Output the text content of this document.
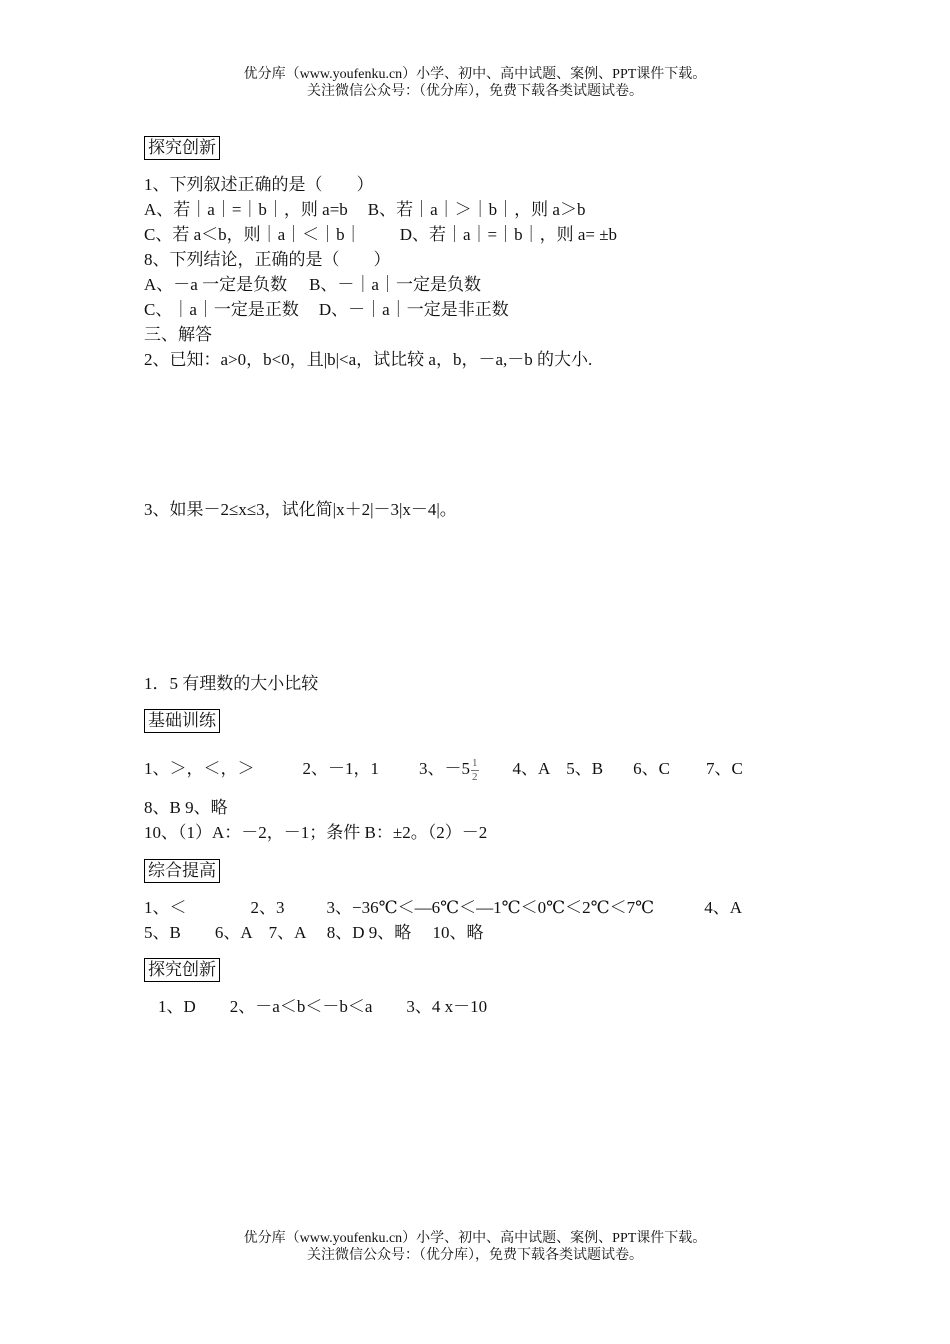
优分库（www.youfenku.cn）小学、初中、高中试题、案例、PPT课件下载。
关注微信公众号：（优分库），免费下载各类试题试卷。
探究创新
1、下列叙述正确的是（　　）
A、若｜a｜=｜b｜，则 a=b B、若｜a｜＞｜b｜，则 a＞b
C、若 a＜b，则｜a｜＜｜b｜ D、若｜a｜=｜b｜，则 a= ±b
8、下列结论，正确的是（　　）
A、－a 一定是负数 B、－｜a｜一定是负数
C、｜a｜一定是正数 D、－｜a｜一定是非正数
三、解答
2、已知：a>0，b<0，且|b|<a，试比较 a，b，－a,－b 的大小.
3、如果－2≤x≤3，试化简|x＋2|－3|x－4|。
1．5 有理数的大小比较
基础训练
1、＞，＜，＞	2、－1，1 3、$-5 \frac{1}{2} 4$、A 5、B 6、C 7、C
8、B 9、略
10、（1）A：－2，－1；条件 B：±2。（2）－2
综合提高
1、＜	2、3 3、−36℃＜—6℃＜—1℃＜0℃＜2℃＜7℃	4、A
5、B　　6、A　7、A　 8、D 9、略　 10、略
探究创新
1、D　　2、－a＜b＜－b＜a　　3、4 x－10
优分库（www.youfenku.cn）小学、初中、高中试题、案例、PPT课件下载。
关注微信公众号：（优分库），免费下载各类试题试卷。
